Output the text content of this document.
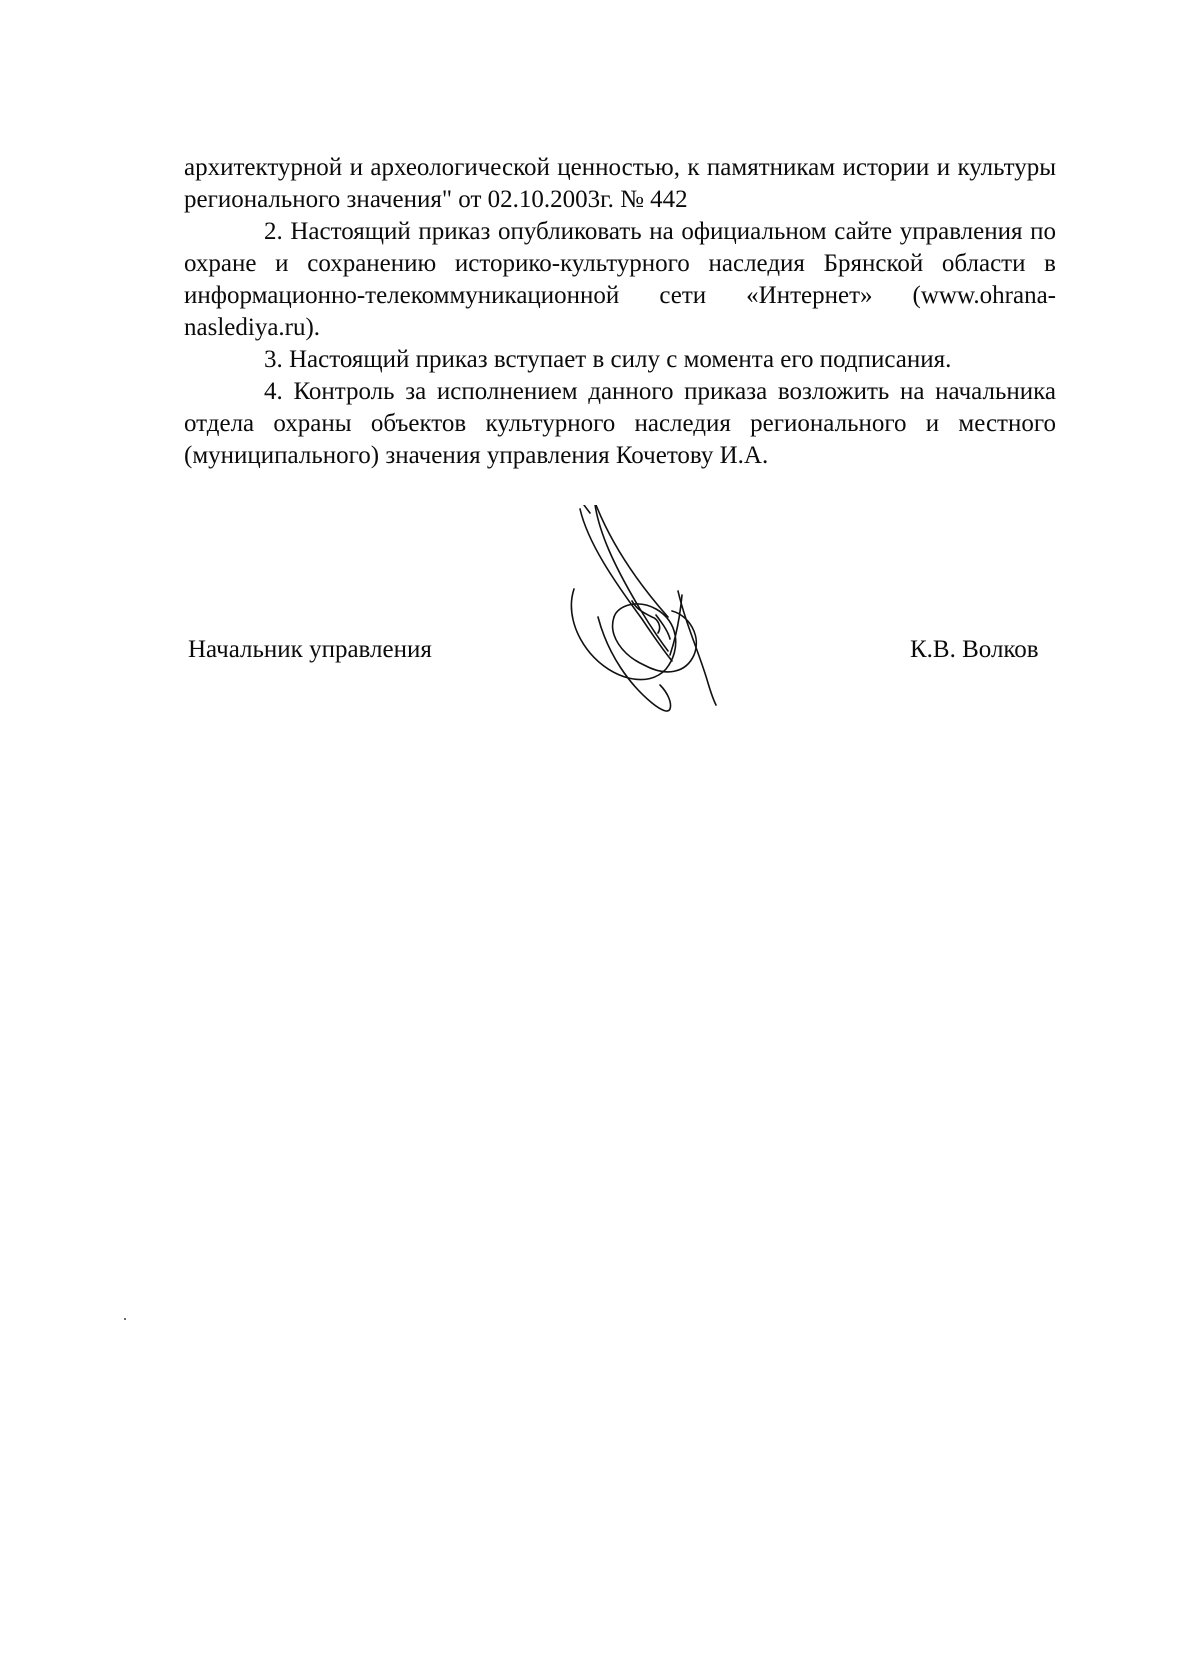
архитектурной и археологической ценностью, к памятникам истории и культуры регионального значения" от 02.10.2003г. № 442

2. Настоящий приказ опубликовать на официальном сайте управления по охране и сохранению историко-культурного наследия Брянской области в информационно-телекоммуникационной сети «Интернет» (www.ohrana-naslediya.ru).

3. Настоящий приказ вступает в силу с момента его подписания.

4. Контроль за исполнением данного приказа возложить на начальника отдела охраны объектов культурного наследия регионального и местного (муниципального) значения управления Кочетову И.А.

Начальник управления	К.В. Волков
